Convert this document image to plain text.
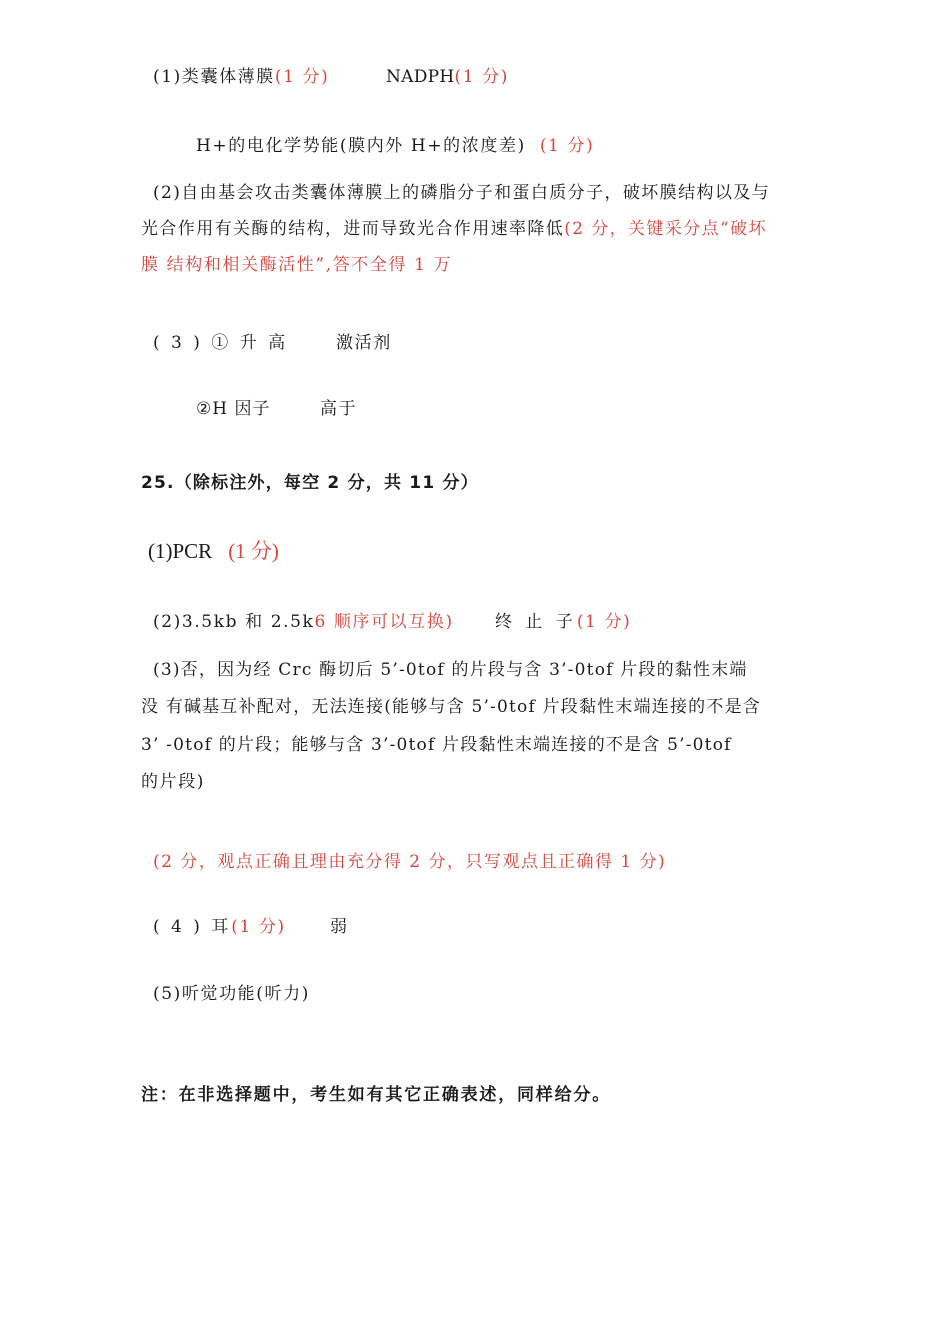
(1)类囊体薄膜(1 分)	NADPH(1 分)
H+的电化学势能(膜内外 H+的浓度差) (1 分)
(2)自由基会攻击类囊体薄膜上的磷脂分子和蛋白质分子，破坏膜结构以及与
光合作用有关酶的结构，进而导致光合作用速率降低(2 分，关键采分点“破坏
膜 结构和相关酶活性”,答不全得 1 万
( 3 ) ① 升 高	激活剂
②H 因子	高于
25.（除标注外，每空 2 分，共 11 分）
(1)PCR (1 分)
(2)3.5kb 和 2.5k6 顺序可以互换) 终 止 子(1 分)
(3)否，因为经 Crc 酶切后 5’-0tof 的片段与含 3’-0tof 片段的黏性末端
没 有碱基互补配对，无法连接(能够与含 5’-0tof 片段黏性末端连接的不是含
3’ -0tof 的片段；能够与含 3’-0tof 片段黏性末端连接的不是含 5’-0tof
的片段)
(2 分，观点正确且理由充分得 2 分，只写观点且正确得 1 分)
( 4 ) 耳(1 分)	弱
(5)听觉功能(听力)
注：在非选择题中，考生如有其它正确表述，同样给分。
